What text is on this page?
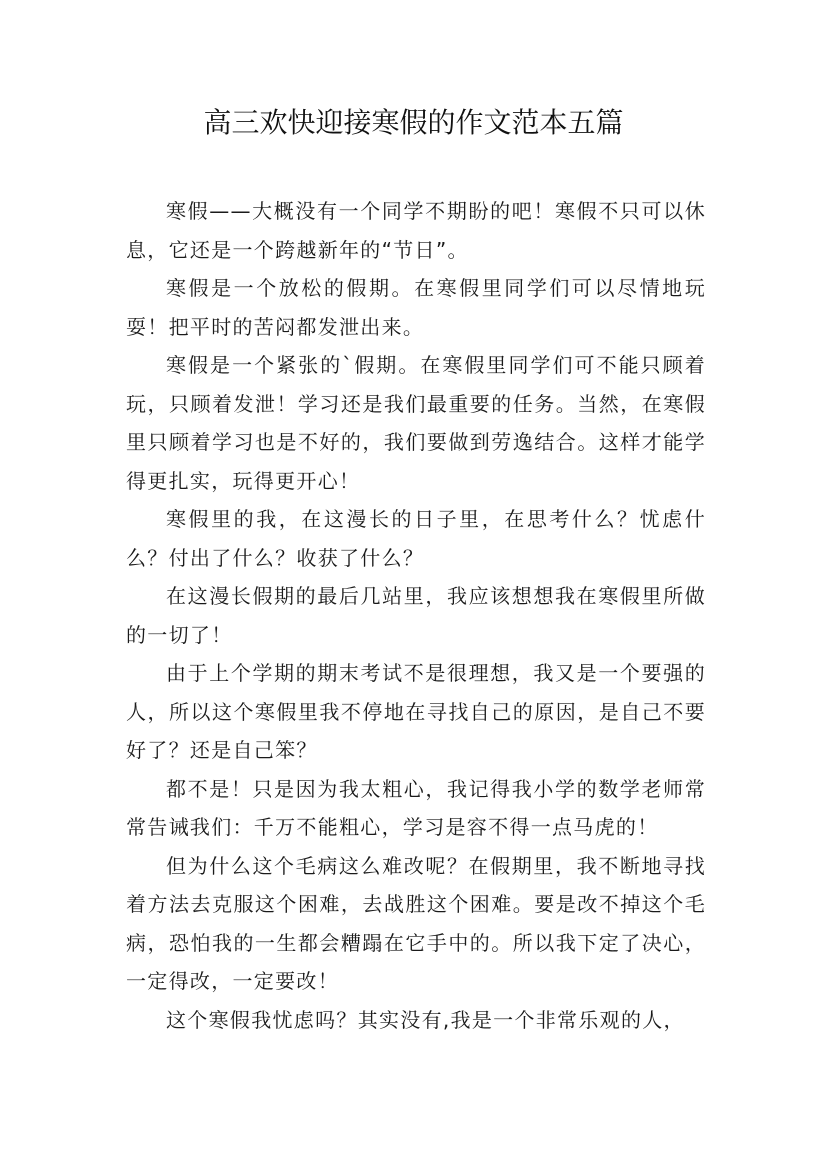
高三欢快迎接寒假的作文范本五篇

寒假——大概没有一个同学不期盼的吧！寒假不只可以休息，它还是一个跨越新年的“节日”。

寒假是一个放松的假期。在寒假里同学们可以尽情地玩耍！把平时的苦闷都发泄出来。

寒假是一个紧张的`假期。在寒假里同学们可不能只顾着玩，只顾着发泄！学习还是我们最重要的任务。当然，在寒假里只顾着学习也是不好的，我们要做到劳逸结合。这样才能学得更扎实，玩得更开心！

寒假里的我，在这漫长的日子里，在思考什么？忧虑什么？付出了什么？收获了什么？

在这漫长假期的最后几站里，我应该想想我在寒假里所做的一切了！

由于上个学期的期末考试不是很理想，我又是一个要强的人，所以这个寒假里我不停地在寻找自己的原因，是自己不要好了？还是自己笨？

都不是！只是因为我太粗心，我记得我小学的数学老师常常告诫我们：千万不能粗心，学习是容不得一点马虎的！

但为什么这个毛病这么难改呢？在假期里，我不断地寻找着方法去克服这个困难，去战胜这个困难。要是改不掉这个毛病，恐怕我的一生都会糟蹋在它手中的。所以我下定了决心，一定得改，一定要改！

这个寒假我忧虑吗？其实没有,我是一个非常乐观的人，
